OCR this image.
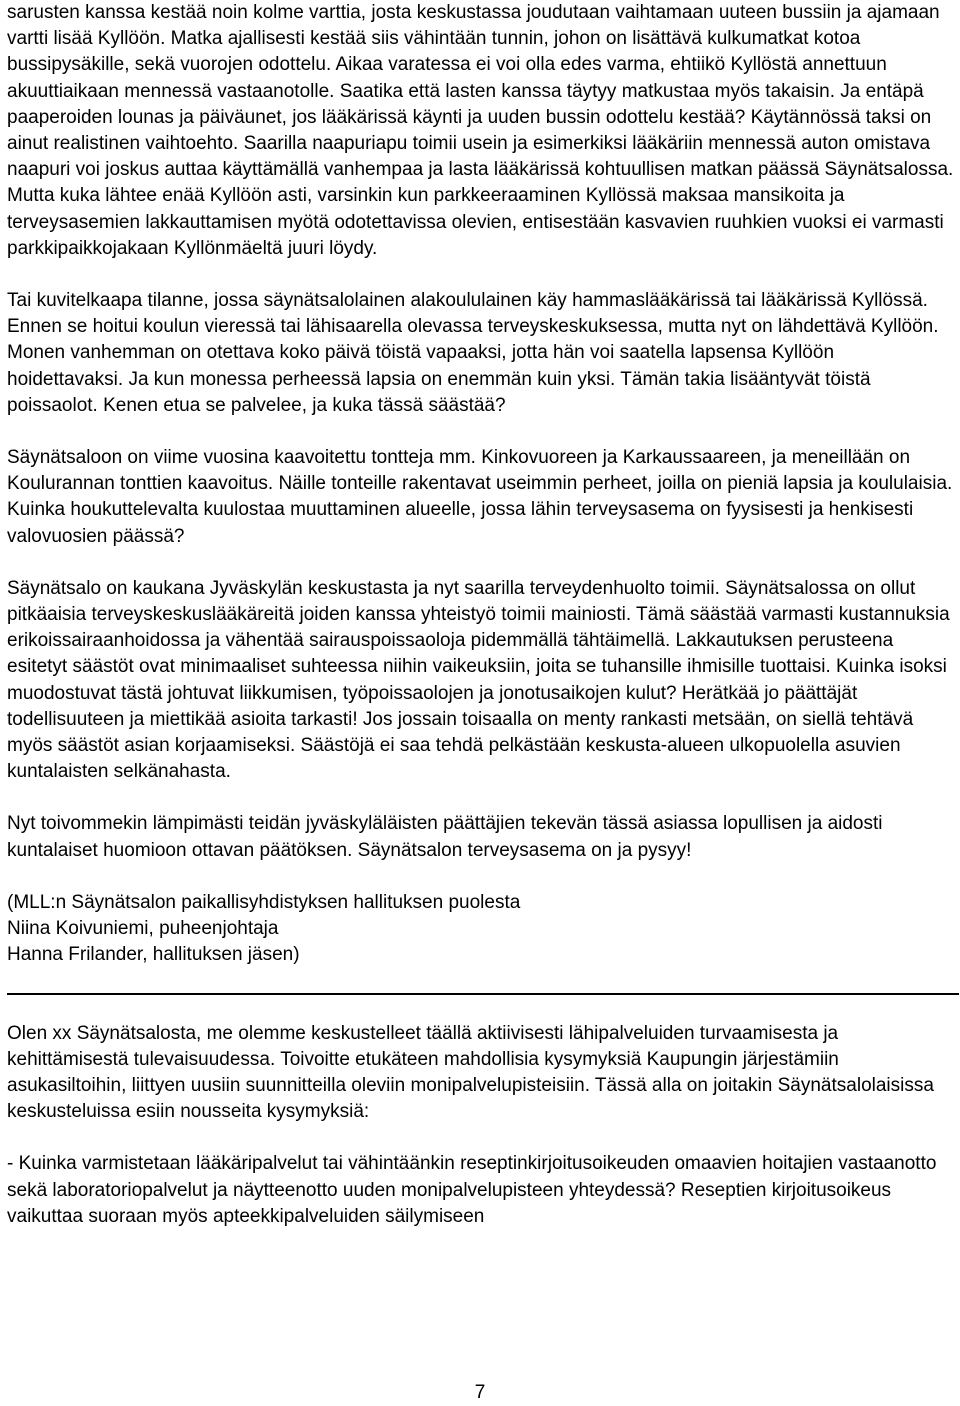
sarusten kanssa kestää noin kolme varttia, josta keskustassa joudutaan vaihtamaan uuteen bussiin ja ajamaan vartti lisää Kyllöön. Matka ajallisesti kestää siis vähintään tunnin, johon on lisättävä kulkumatkat kotoa bussipysäkille, sekä vuorojen odottelu. Aikaa varatessa ei voi olla edes varma, ehtiikö Kyllöstä annettuun akuuttiaikaan mennessä vastaanotolle. Saatika että lasten kanssa täytyy matkustaa myös takaisin. Ja entäpä paaperoiden lounas ja päiväunet, jos lääkärissä käynti ja uuden bussin odottelu kestää? Käytännössä taksi on ainut realistinen vaihtoehto. Saarilla naapuriapu toimii usein ja esimerkiksi lääkäriin mennessä auton omistava naapuri voi joskus auttaa käyttämällä vanhempaa ja lasta lääkärissä kohtuullisen matkan päässä Säynätsalossa. Mutta kuka lähtee enää Kyllöön asti, varsinkin kun parkkeeraaminen Kyllössä maksaa mansikoita ja terveysasemien lakkauttamisen myötä odotettavissa olevien, entisestään kasvavien ruuhkien vuoksi ei varmasti parkkipaikkojakaan Kyllönmäeltä juuri löydy.

Tai kuvitelkaapa tilanne, jossa säynätsalolainen alakoululainen käy hammaslääkärissä tai lääkärissä Kyllössä. Ennen se hoitui koulun vieressä tai lähisaarella olevassa terveyskeskuksessa, mutta nyt on lähdettävä Kyllöön. Monen vanhemman on otettava koko päivä töistä vapaaksi, jotta hän voi saatella lapsensa Kyllöön hoidettavaksi. Ja kun monessa perheessä lapsia on enemmän kuin yksi. Tämän takia lisääntyvät töistä poissaolot. Kenen etua se palvelee, ja kuka tässä säästää?

Säynätsaloon on viime vuosina kaavoitettu tontteja mm. Kinkovuoreen ja Karkaussaareen, ja meneillään on Koulurannan tonttien kaavoitus. Näille tonteille rakentavat useimmin perheet, joilla on pieniä lapsia ja koululaisia. Kuinka houkuttelevalta kuulostaa muuttaminen alueelle, jossa lähin terveysasema on fyysisesti ja henkisesti valovuosien päässä?

Säynätsalo on kaukana Jyväskylän keskustasta ja nyt saarilla terveydenhuolto toimii. Säynätsalossa on ollut pitkäaisia terveyskeskuslääkäreitä joiden kanssa yhteistyö toimii mainiosti. Tämä säästää varmasti kustannuksia erikoissairaanhoidossa ja vähentää sairauspoissaoloja pidemmällä tähtäimellä. Lakkautuksen perusteena esitetyt säästöt ovat minimaaliset suhteessa niihin vaikeuksiin, joita se tuhansille ihmisille tuottaisi. Kuinka isoksi muodostuvat tästä johtuvat liikkumisen, työpoissaolojen ja jonotusaikojen kulut? Herätkää jo päättäjät todellisuuteen ja miettikää asioita tarkasti! Jos jossain toisaalla on menty rankasti metsään, on siellä tehtävä myös säästöt asian korjaamiseksi. Säästöjä ei saa tehdä pelkästään keskusta-alueen ulkopuolella asuvien kuntalaisten selkänahasta.

Nyt toivommekin lämpimästi teidän jyväskyläläisten päättäjien tekevän tässä asiassa lopullisen ja aidosti kuntalaiset huomioon ottavan päätöksen. Säynätsalon terveysasema on ja pysyy!

(MLL:n Säynätsalon paikallisyhdistyksen hallituksen puolesta

Niina Koivuniemi, puheenjohtaja

Hanna Frilander, hallituksen jäsen)

Olen xx Säynätsalosta, me olemme keskustelleet täällä aktiivisesti lähipalveluiden turvaamisesta ja kehittämisestä tulevaisuudessa. Toivoitte etukäteen mahdollisia kysymyksiä Kaupungin järjestämiin asukasiltoihin, liittyen uusiin suunnitteilla oleviin monipalvelupisteisiin. Tässä alla on joitakin Säynätsalolaisissa keskusteluissa esiin nousseita kysymyksiä:

- Kuinka varmistetaan lääkäripalvelut tai vähintäänkin reseptinkirjoitusoikeuden omaavien hoitajien vastaanotto sekä laboratoriopalvelut ja näytteenotto uuden monipalvelupisteen yhteydessä? Reseptien kirjoitusoikeus vaikuttaa suoraan myös apteekkipalveluiden säilymiseen

7
